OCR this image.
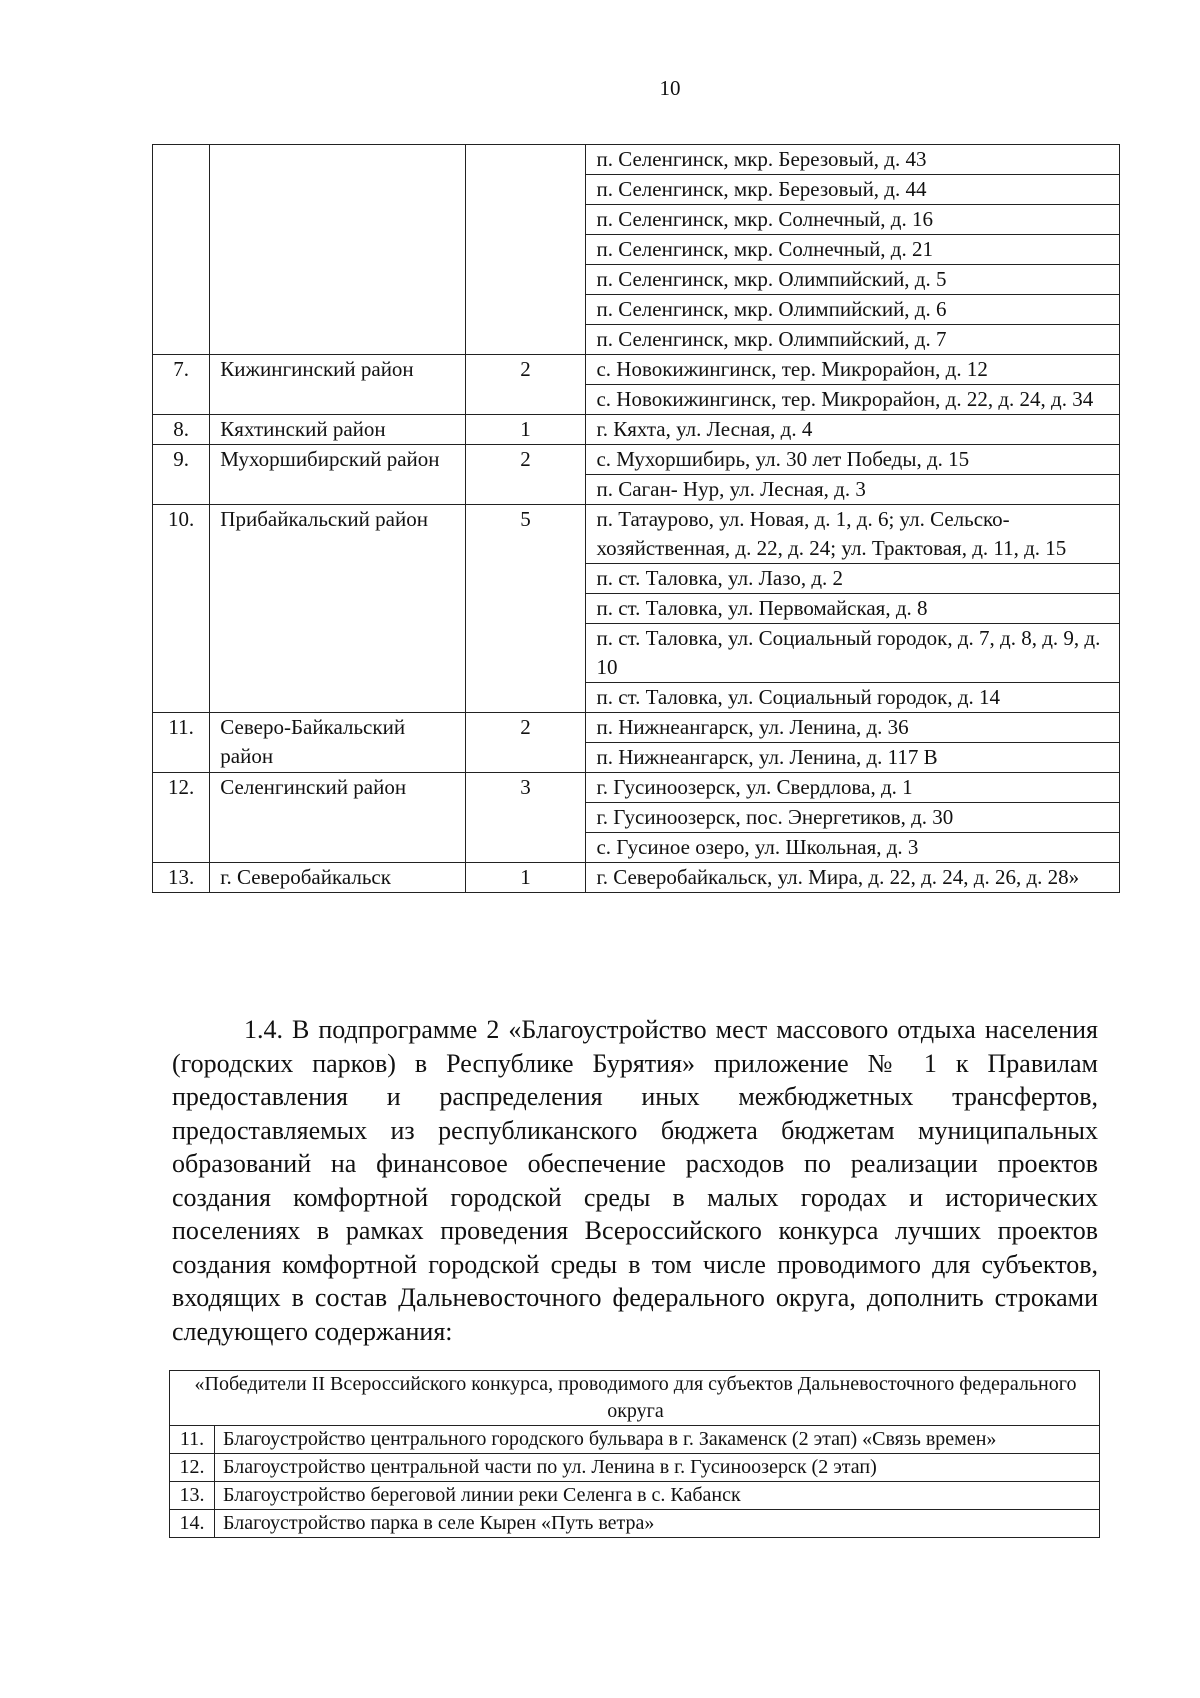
10
			п. Селенгинск, мкр. Березовый, д. 43
			п. Селенгинск, мкр. Березовый, д. 44
			п. Селенгинск, мкр. Солнечный, д. 16
			п. Селенгинск, мкр. Солнечный, д. 21
			п. Селенгинск, мкр. Олимпийский, д. 5
			п. Селенгинск, мкр. Олимпийский, д. 6
			п. Селенгинск, мкр. Олимпийский, д. 7
7.	Кижингинский район	2	с. Новокижингинск, тер. Микрорайон, д. 12
			с. Новокижингинск, тер. Микрорайон, д. 22, д. 24, д. 34
8.	Кяхтинский район	1	г. Кяхта, ул. Лесная, д. 4
9.	Мухоршибирский район	2	с. Мухоршибирь, ул. 30 лет Победы, д. 15
			п. Саган- Нур, ул. Лесная, д. 3
10.	Прибайкальский район	5	п. Татаурово, ул. Новая, д. 1, д. 6; ул. Сельско-хозяйственная, д. 22, д. 24; ул. Трактовая, д. 11, д. 15
			п. ст. Таловка, ул. Лазо, д. 2
			п. ст. Таловка, ул. Первомайская, д. 8
			п. ст. Таловка, ул. Социальный городок, д. 7, д. 8, д. 9, д. 10
			п. ст. Таловка, ул. Социальный городок, д. 14
11.	Северо-Байкальский район	2	п. Нижнеангарск, ул. Ленина, д. 36
			п. Нижнеангарск, ул. Ленина, д. 117 В
12.	Селенгинский район	3	г. Гусиноозерск, ул. Свердлова, д. 1
			г. Гусиноозерск, пос. Энергетиков, д. 30
			с. Гусиное озеро, ул. Школьная, д. 3
13.	г. Северобайкальск	1	г. Северобайкальск, ул. Мира, д. 22, д. 24, д. 26, д. 28»

1.4. В подпрограмме 2 «Благоустройство мест массового отдыха населения (городских парков) в Республике Бурятия» приложение № 1 к Правилам предоставления и распределения иных межбюджетных трансфертов, предоставляемых из республиканского бюджета бюджетам муниципальных образований на финансовое обеспечение расходов по реализации проектов создания комфортной городской среды в малых городах и исторических поселениях в рамках проведения Всероссийского конкурса лучших проектов создания комфортной городской среды в том числе проводимого для субъектов, входящих в состав Дальневосточного федерального округа, дополнить строками следующего содержания:

«Победители II Всероссийского конкурса, проводимого для субъектов Дальневосточного федерального округа	
11.	Благоустройство центрального городского бульвара в г. Закаменск (2 этап) «Связь времен»
12.	Благоустройство центральной части по ул. Ленина в г. Гусиноозерск (2 этап)
13.	Благоустройство береговой линии реки Селенга в с. Кабанск
14.	Благоустройство парка в селе Кырен «Путь ветра»
